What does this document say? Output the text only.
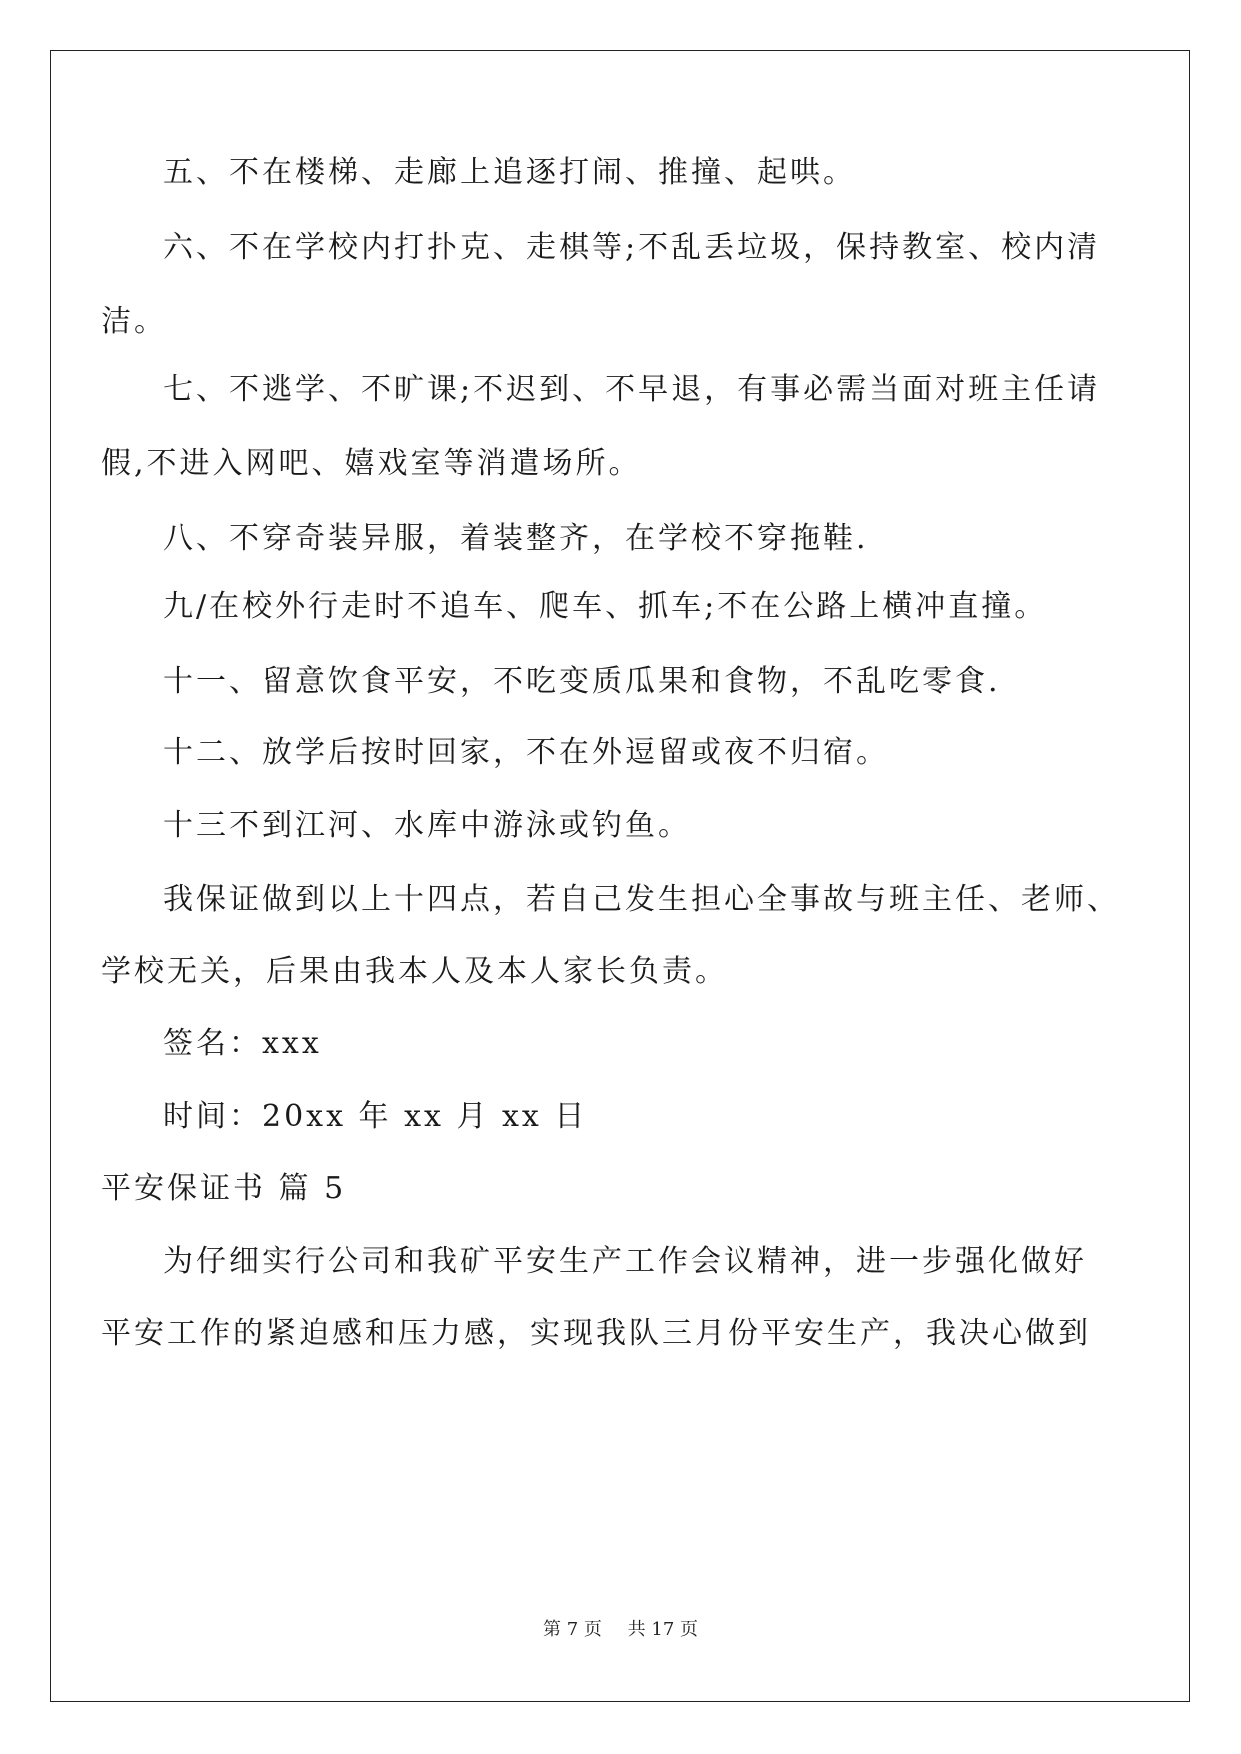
五、不在楼梯、走廊上追逐打闹、推撞、起哄。
六、不在学校内打扑克、走棋等;不乱丢垃圾，保持教室、校内清
洁。
七、不逃学、不旷课;不迟到、不早退，有事必需当面对班主任请
假,不进入网吧、嬉戏室等消遣场所。
八、不穿奇装异服，着装整齐，在学校不穿拖鞋.
九/在校外行走时不追车、爬车、抓车;不在公路上横冲直撞。
十一、留意饮食平安，不吃变质瓜果和食物，不乱吃零食.
十二、放学后按时回家，不在外逗留或夜不归宿。
十三不到江河、水库中游泳或钓鱼。
我保证做到以上十四点，若自己发生担心全事故与班主任、老师、
学校无关，后果由我本人及本人家长负责。
签名：xxx
时间：20xx 年 xx 月 xx 日
平安保证书 篇 5
为仔细实行公司和我矿平安生产工作会议精神，进一步强化做好
平安工作的紧迫感和压力感，实现我队三月份平安生产，我决心做到
第 7 页 共 17 页
